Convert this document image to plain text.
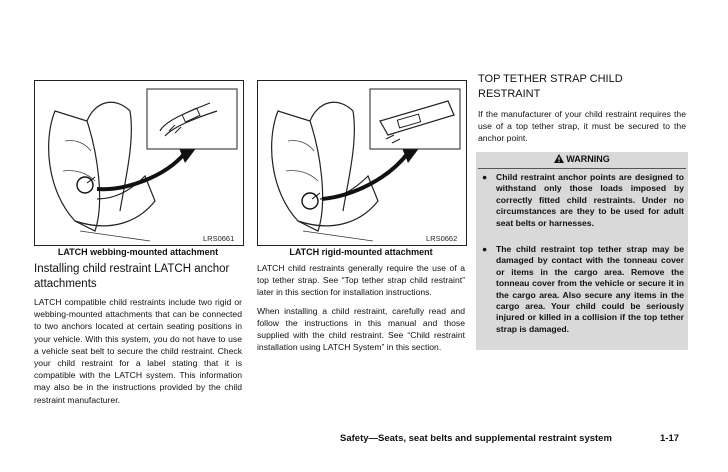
LRS0661
LATCH webbing-mounted attachment
LRS0662
LATCH rigid-mounted attachment
Installing child restraint LATCH anchor attachments

LATCH compatible child restraints include two rigid or webbing-mounted attachments that can be connected to two anchors located at certain seating positions in your vehicle. With this system, you do not have to use a vehicle seat belt to secure the child restraint. Check your child restraint for a label stating that it is compatible with the LATCH system. This information may also be in the instructions provided by the child restraint manufacturer.

LATCH child restraints generally require the use of a top tether strap. See “Top tether strap child restraint” later in this section for installation instructions.

When installing a child restraint, carefully read and follow the instructions in this manual and those supplied with the child restraint. See “Child restraint installation using LATCH System” in this section.

TOP TETHER STRAP CHILD RESTRAINT

If the manufacturer of your child restraint requires the use of a top tether strap, it must be secured to the anchor point.

WARNING
● Child restraint anchor points are designed to withstand only those loads imposed by correctly fitted child restraints. Under no circumstances are they to be used for adult seat belts or harnesses.
● The child restraint top tether strap may be damaged by contact with the tonneau cover or items in the cargo area. Remove the tonneau cover from the vehicle or secure it in the cargo area. Also secure any items in the cargo area. Your child could be seriously injured or killed in a collision if the top tether strap is damaged.
Safety—Seats, seat belts and supplemental restraint system	1-17
